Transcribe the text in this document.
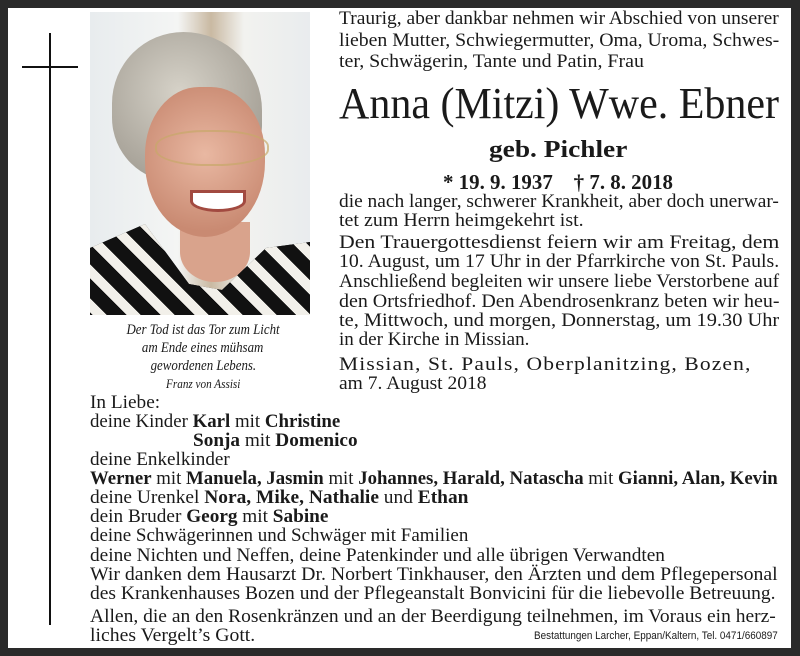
Der Tod ist das Tor zum Licht
am Ende eines mühsam
gewordenen Lebens.
Franz von Assisi
Traurig, aber dankbar nehmen wir Abschied von unserer
lieben Mutter, Schwiegermutter, Oma, Uroma, Schwes-
ter, Schwägerin, Tante und Patin, Frau
Anna (Mitzi) Wwe. Ebner
geb. Pichler
* 19. 9. 1937    † 7. 8. 2018
die nach langer, schwerer Krankheit, aber doch unerwar-
tet zum Herrn heimgekehrt ist.
Den Trauergottesdienst feiern wir am Freitag, dem
10. August, um 17 Uhr in der Pfarrkirche von St. Pauls.
Anschließend begleiten wir unsere liebe Verstorbene auf
den Ortsfriedhof. Den Abendrosenkranz beten wir heu-
te, Mittwoch, und morgen, Donnerstag, um 19.30 Uhr
in der Kirche in Missian.
Missian, St. Pauls, Oberplanitzing, Bozen,
am 7. August 2018
In Liebe:
deine Kinder Karl mit Christine
Sonja mit Domenico
deine Enkelkinder
Werner mit Manuela, Jasmin mit Johannes, Harald, Natascha mit Gianni, Alan, Kevin
deine Urenkel Nora, Mike, Nathalie und Ethan
dein Bruder Georg mit Sabine
deine Schwägerinnen und Schwäger mit Familien
deine Nichten und Neffen, deine Patenkinder und alle übrigen Verwandten
Wir danken dem Hausarzt Dr. Norbert Tinkhauser, den Ärzten und dem Pflegepersonal
des Krankenhauses Bozen und der Pflegeanstalt Bonvicini für die liebevolle Betreuung.
Allen, die an den Rosenkränzen und an der Beerdigung teilnehmen, im Voraus ein herz-
liches Vergelt’s Gott.	Bestattungen Larcher, Eppan/Kaltern, Tel. 0471/660897
